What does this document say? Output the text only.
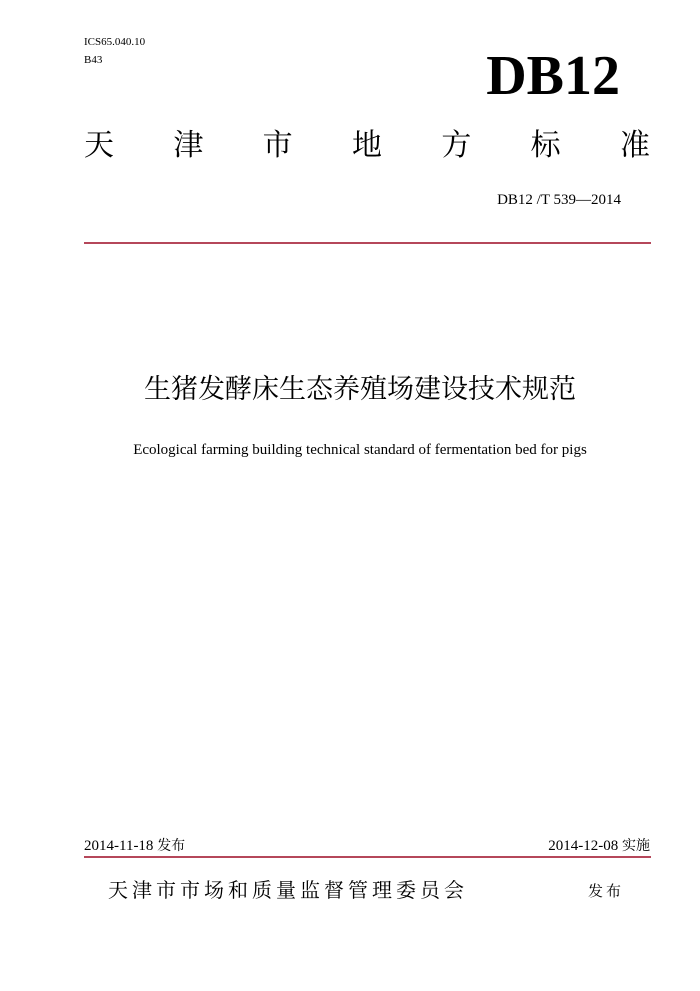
ICS65.040.10
B43	DB12
天 津 市 地 方 标 准
DB12 /T 539—2014
生猪发酵床生态养殖场建设技术规范
Ecological farming building technical standard of fermentation bed for pigs
2014-11-18 发布	2014-12-08 实施
天津市市场和质量监督管理委员会	发布
